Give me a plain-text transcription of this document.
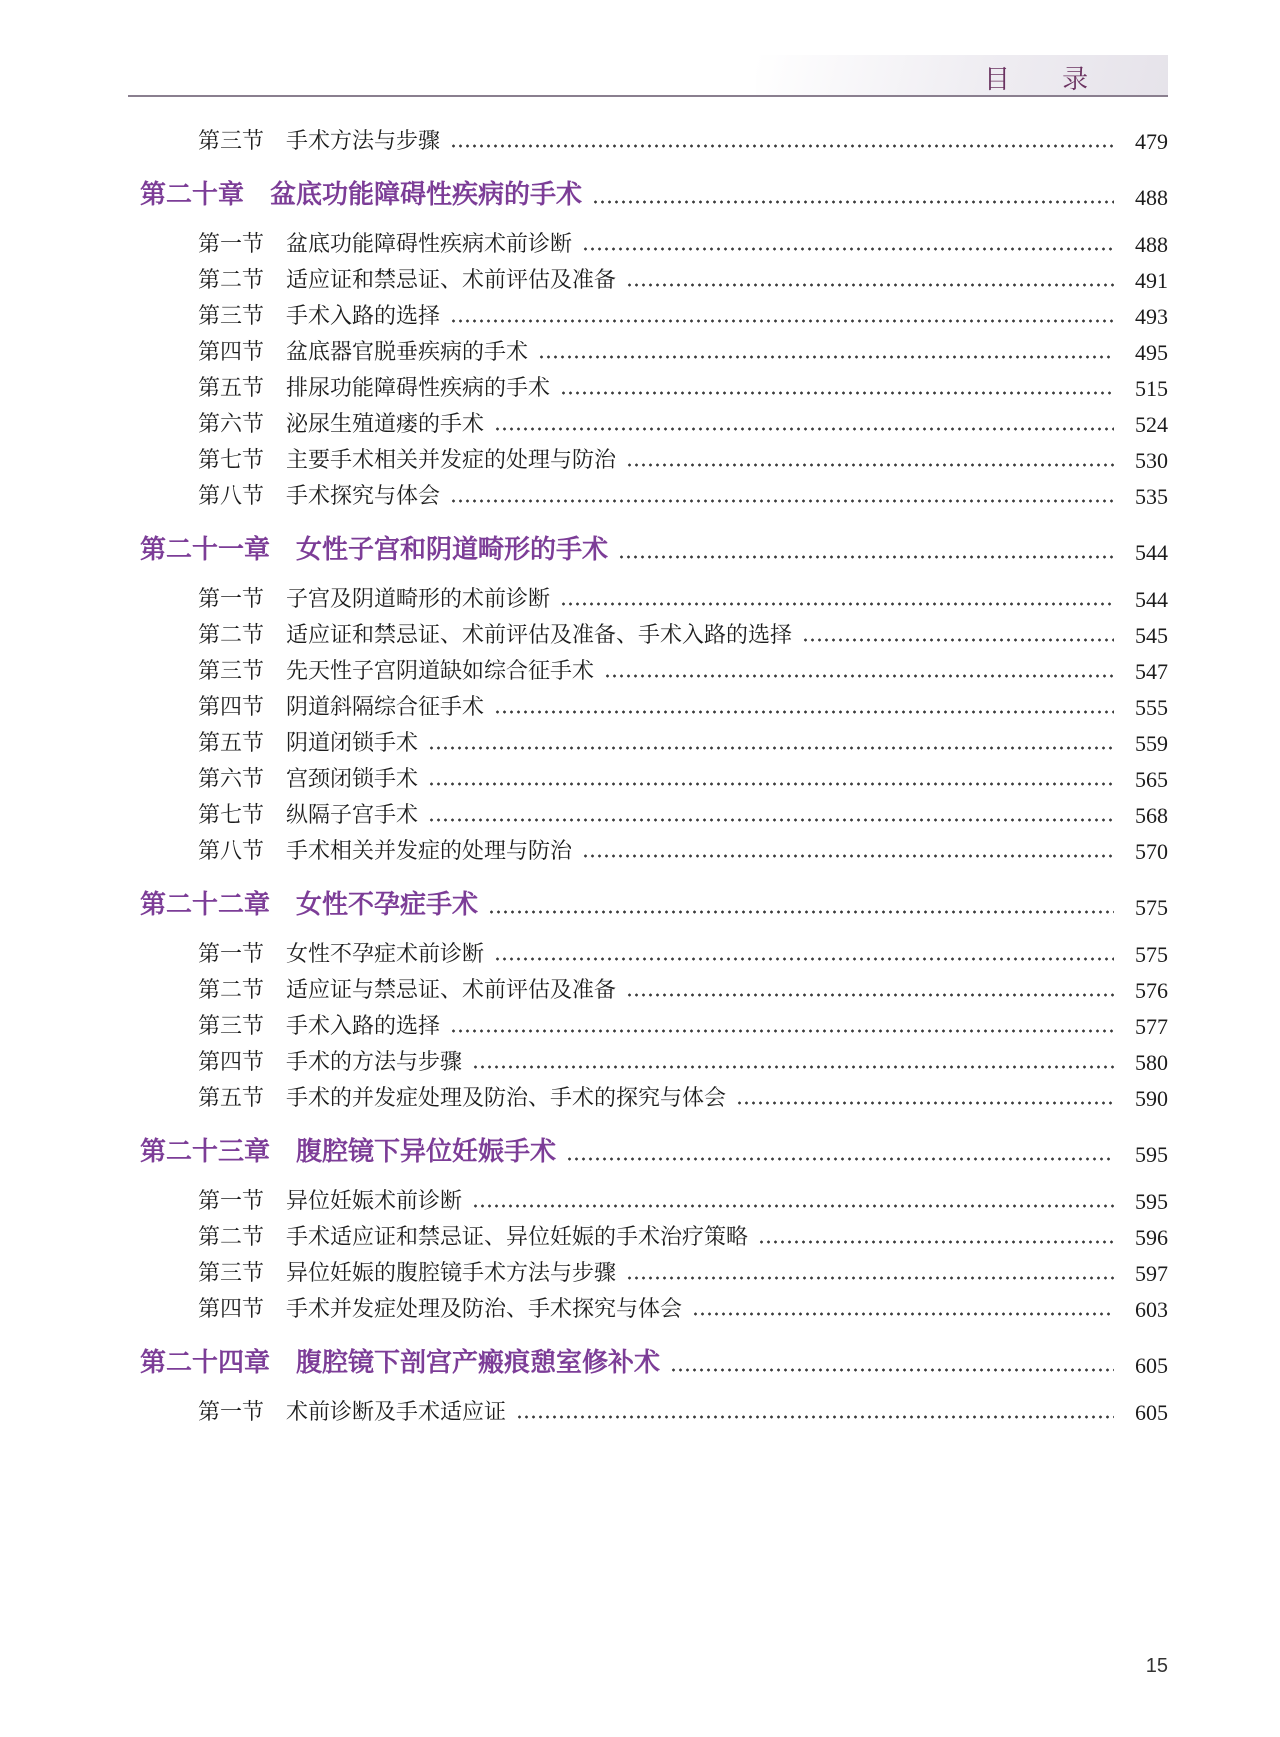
目 录
第三节 手术方法与步骤	479
第二十章 盆底功能障碍性疾病的手术	488
第一节 盆底功能障碍性疾病术前诊断	488
第二节 适应证和禁忌证、术前评估及准备	491
第三节 手术入路的选择	493
第四节 盆底器官脱垂疾病的手术	495
第五节 排尿功能障碍性疾病的手术	515
第六节 泌尿生殖道瘘的手术	524
第七节 主要手术相关并发症的处理与防治	530
第八节 手术探究与体会	535
第二十一章 女性子宫和阴道畸形的手术	544
第一节 子宫及阴道畸形的术前诊断	544
第二节 适应证和禁忌证、术前评估及准备、手术入路的选择	545
第三节 先天性子宫阴道缺如综合征手术	547
第四节 阴道斜隔综合征手术	555
第五节 阴道闭锁手术	559
第六节 宫颈闭锁手术	565
第七节 纵隔子宫手术	568
第八节 手术相关并发症的处理与防治	570
第二十二章 女性不孕症手术	575
第一节 女性不孕症术前诊断	575
第二节 适应证与禁忌证、术前评估及准备	576
第三节 手术入路的选择	577
第四节 手术的方法与步骤	580
第五节 手术的并发症处理及防治、手术的探究与体会	590
第二十三章 腹腔镜下异位妊娠手术	595
第一节 异位妊娠术前诊断	595
第二节 手术适应证和禁忌证、异位妊娠的手术治疗策略	596
第三节 异位妊娠的腹腔镜手术方法与步骤	597
第四节 手术并发症处理及防治、手术探究与体会	603
第二十四章 腹腔镜下剖宫产瘢痕憩室修补术	605
第一节 术前诊断及手术适应证	605
15
